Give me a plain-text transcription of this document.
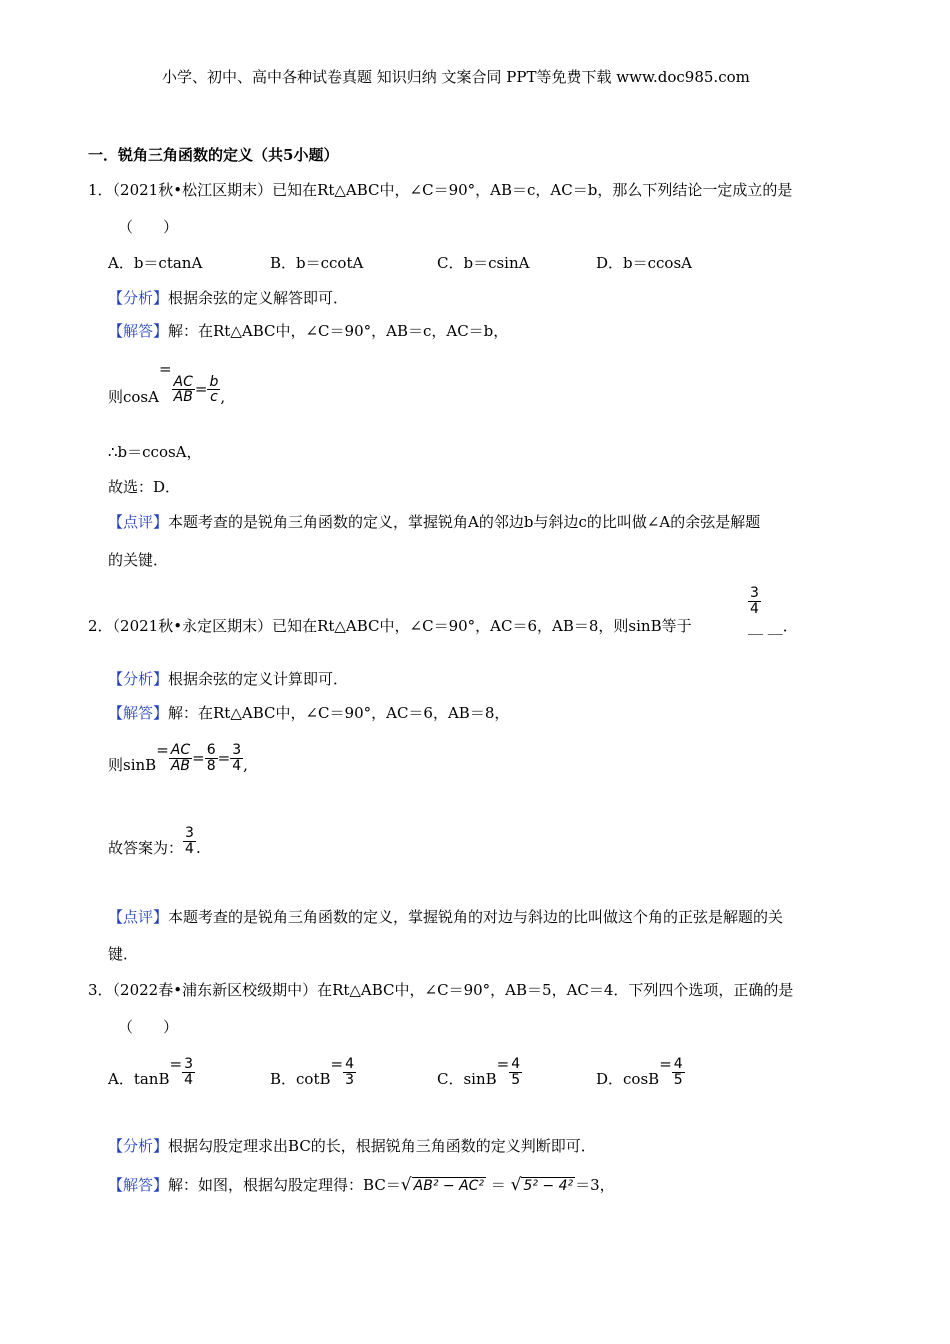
小学、初中、高中各种试卷真题 知识归纳 文案合同 PPT等免费下载 www.doc985.com
一．锐角三角函数的定义（共5小题）
1．（2021秋•松江区期末）已知在Rt△ABC中，∠C＝90°，AB＝c，AC＝b，那么下列结论一定成立的是
（　　）
A．b＝ctanA	B．b＝ccotA	C．b＝csinA	D．b＝ccosA
【分析】根据余弦的定义解答即可．
【解答】解：在Rt△ABC中，∠C＝90°，AB＝c，AC＝b，
则cosA=
$\frac{AC}{AB} = \frac{b}{c}$ ,
∴b＝ccosA，
故选：D．
【点评】本题考查的是锐角三角函数的定义，掌握锐角A的邻边b与斜边c的比叫做∠A的余弦是解题
的关键．
2．（2021秋•永定区期末）已知在Rt△ABC中，∠C＝90°，AC＝6，AB＝8，则sinB等于
$\frac{3}{4}$
__ __．
【分析】根据余弦的定义计算即可．
【解答】解：在Rt△ABC中，∠C＝90°，AC＝6，AB＝8，
则$\sin B= \frac{AC}{AB} = \frac{6}{8} = \frac{3}{4}$ ,
故答案为： $\frac{3}{4}$ .
【点评】本题考查的是锐角三角函数的定义，掌握锐角的对边与斜边的比叫做这个角的正弦是解题的关
键．
3．（2022春•浦东新区校级期中）在Rt△ABC中，∠C＝90°，AB＝5，AC＝4．下列四个选项，正确的是
（　　）
A．$\tan B= \frac{3}{4}$	B．$\cot B= \frac{4}{3}$	C．$\sin B= \frac{4}{5}$	D．$\cos B= \frac{4}{5}$
【分析】根据勾股定理求出BC的长，根据锐角三角函数的定义判断即可．
【解答】解：如图，根据勾股定理得：BC＝√ AB² − AC² ＝ √ 5² − 4² ＝3，
